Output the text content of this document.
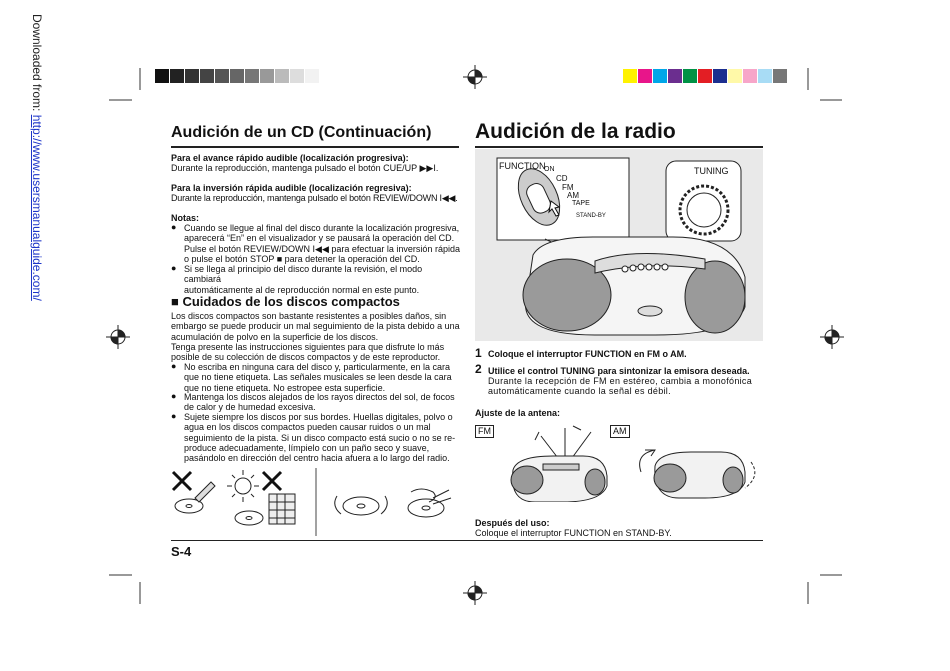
Downloaded from: http://www.usersmanualguide.com/	Audición de un CD (Continuación)
Para el avance rápido audible (localización progresiva):
Durante la reproducción, mantenga pulsado el botón CUE/UP ▶▶I.
Para la inversión rápida audible (localización regresiva):
Durante la reproducción, mantenga pulsado el botón REVIEW/DOWN I◀◀.
Notas:
● Cuando se llegue al final del disco durante la localización progresiva,
aparecerá “En” en el visualizador y se pausará la operación del CD.
Pulse el botón REVIEW/DOWN I◀◀ para efectuar la inversión rápida
o pulse el botón STOP ■ para detener la operación del CD.
● Si se llega al principio del disco durante la revisión, el modo cambiará
automáticamente al de reproducción normal en este punto.
■ Cuidados de los discos compactos
Los discos compactos son bastante resistentes a posibles daños, sin
embargo se puede producir un mal seguimiento de la pista debido a una
acumulación de polvo en la superficie de los discos.
Tenga presente las instrucciones siguientes para que disfrute lo más
posible de su colección de discos compactos y de este reproductor.
● No escriba en ninguna cara del disco y, particularmente, en la cara
que no tiene etiqueta. Las señales musicales se leen desde la cara
que no tiene etiqueta. No estropee esta superficie.
● Mantenga los discos alejados de los rayos directos del sol, de focos
de calor y de humedad excesiva.
● Sujete siempre los discos por sus bordes. Huellas digitales, polvo o
agua en los discos compactos pueden causar ruidos o un mal
seguimiento de la pista. Si un disco compacto está sucio o no se re-
produce adecuadamente, límpielo con un paño seco y suave,
pasándolo en dirección del centro hacia afuera a lo largo del radio.
S-4
Audición de la radio
FUNCTION
ON
CD
FM
AM
TAPE
STAND-BY
TUNING
1 Coloque el interruptor FUNCTION en FM o AM.
2 Utilice el control TUNING para sintonizar la emisora deseada.
Durante la recepción de FM en estéreo, cambia a monofónica
automáticamente cuando la señal es débil.
Ajuste de la antena:
FM	AM
Después del uso:
Coloque el interruptor FUNCTION en STAND-BY.
